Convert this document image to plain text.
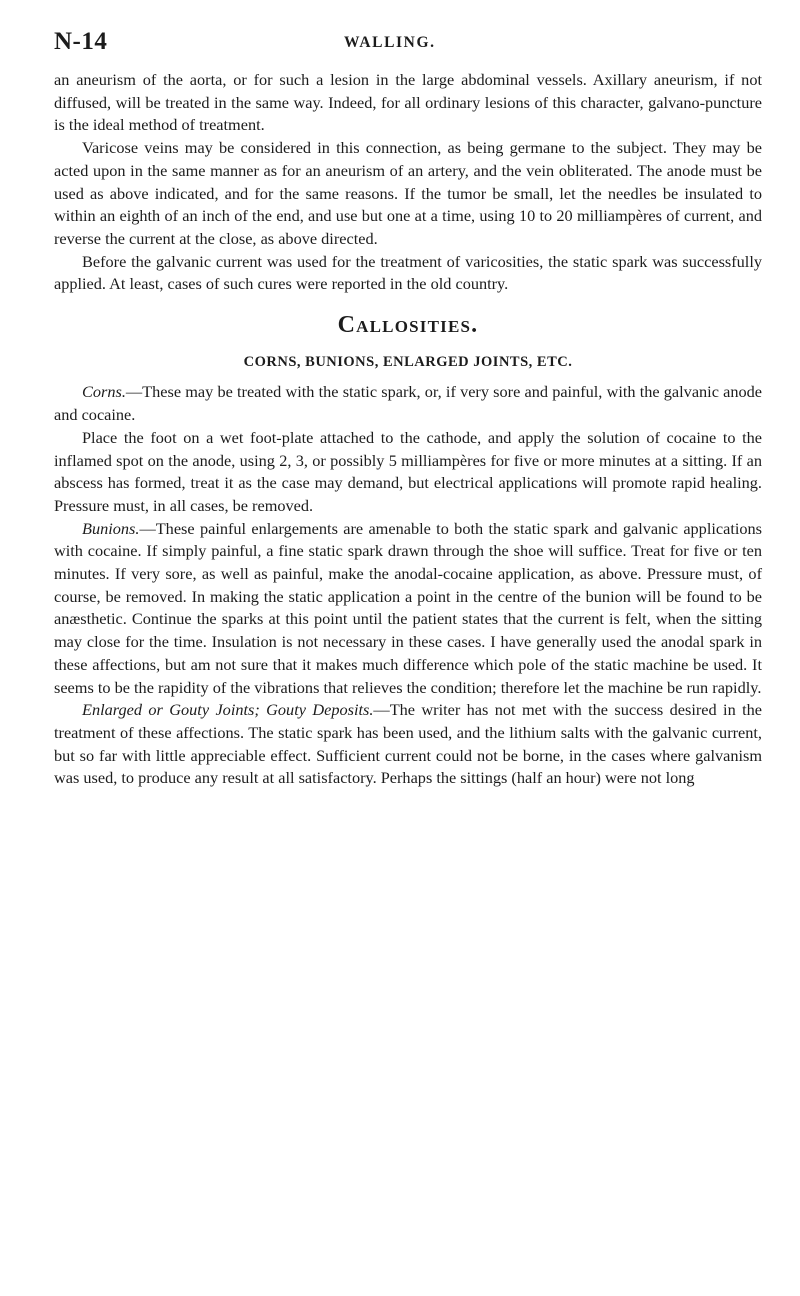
N-14	WALLING.

an aneurism of the aorta, or for such a lesion in the large abdominal vessels. Axillary aneurism, if not diffused, will be treated in the same way. Indeed, for all ordinary lesions of this character, galvano-puncture is the ideal method of treatment.

Varicose veins may be considered in this connection, as being germane to the subject. They may be acted upon in the same manner as for an aneurism of an artery, and the vein obliterated. The anode must be used as above indicated, and for the same reasons. If the tumor be small, let the needles be insulated to within an eighth of an inch of the end, and use but one at a time, using 10 to 20 milliampères of current, and reverse the current at the close, as above directed.

Before the galvanic current was used for the treatment of varicosities, the static spark was successfully applied. At least, cases of such cures were reported in the old country.

Callosities.
CORNS, BUNIONS, ENLARGED JOINTS, ETC.

Corns.—These may be treated with the static spark, or, if very sore and painful, with the galvanic anode and cocaine.

Place the foot on a wet foot-plate attached to the cathode, and apply the solution of cocaine to the inflamed spot on the anode, using 2, 3, or possibly 5 milliampères for five or more minutes at a sitting. If an abscess has formed, treat it as the case may demand, but electrical applications will promote rapid healing. Pressure must, in all cases, be removed.

Bunions.—These painful enlargements are amenable to both the static spark and galvanic applications with cocaine. If simply painful, a fine static spark drawn through the shoe will suffice. Treat for five or ten minutes. If very sore, as well as painful, make the anodal-cocaine application, as above. Pressure must, of course, be removed. In making the static application a point in the centre of the bunion will be found to be anæsthetic. Continue the sparks at this point until the patient states that the current is felt, when the sitting may close for the time. Insulation is not necessary in these cases. I have generally used the anodal spark in these affections, but am not sure that it makes much difference which pole of the static machine be used. It seems to be the rapidity of the vibrations that relieves the condition; therefore let the machine be run rapidly.

Enlarged or Gouty Joints; Gouty Deposits.—The writer has not met with the success desired in the treatment of these affections. The static spark has been used, and the lithium salts with the galvanic current, but so far with little appreciable effect. Sufficient current could not be borne, in the cases where galvanism was used, to produce any result at all satisfactory. Perhaps the sittings (half an hour) were not long
